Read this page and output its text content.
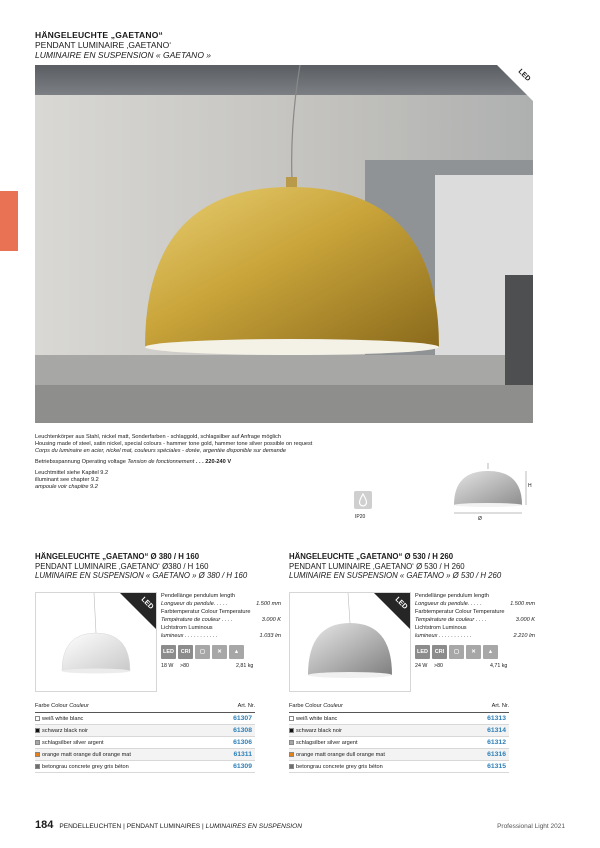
HÄNGELEUCHTE „GAETANO“
PENDANT LUMINAIRE ‚GAETANO‘
LUMINAIRE EN SUSPENSION « GAETANO »
LED
Leuchtenkörper aus Stahl, nickel matt, Sonderfarben - schlaggold, schlagsilber auf Anfrage möglich
Housing made of steel, satin nickel, special colours - hammer tone gold, hammer tone silver possible on request
Corps du luminaire en acier, nickel mat, couleurs spéciales - dorée, argentée disponible sur demande
Betriebsspannung Operating voltage Tension de fonctionnement . . . 220-240 V
Leuchtmittel siehe Kapitel 9.2
illuminant see chapter 9.2
ampoule voir chapitre 9.2
IP20
H
Ø
HÄNGELEUCHTE „GAETANO“ Ø 380 / H 160
PENDANT LUMINAIRE ‚GAETANO‘ Ø380 / H 160
LUMINAIRE EN SUSPENSION « GAETANO » Ø 380 / H 160
LED
Pendellänge pendulum length
Longueur du pendule. . . . .	1.500 mm
Farbtemperatur Colour Temperature
Température de couleur . . . .	3.000 K
Lichtstrom Luminous
lumineux . . . . . . . . . . .	1.033 lm
LED	CRI	▢	✕	▲
18 W	>80	2,81 kg
Farbe Colour Couleur	Art. Nr.
weiß white blanc	61307
schwarz black noir	61308
schlagsilber silver argent	61306
orange matt orange dull orange mat	61311
betongrau concrete grey gris béton	61309
HÄNGELEUCHTE „GAETANO“ Ø 530 / H 260
PENDANT LUMINAIRE ‚GAETANO‘ Ø 530 / H 260
LUMINAIRE EN SUSPENSION « GAETANO » Ø 530 / H 260
LED
Pendellänge pendulum length
Longueur du pendule. . . . .	1.500 mm
Farbtemperatur Colour Temperature
Température de couleur . . . .	3.000 K
Lichtstrom Luminous
lumineux . . . . . . . . . . .	2.210 lm
LED	CRI	▢	✕	▲
24 W	>80	4,71 kg
Farbe Colour Couleur	Art. Nr.
weiß white blanc	61313
schwarz black noir	61314
schlagsilber silver argent	61312
orange matt orange dull orange mat	61316
betongrau concrete grey gris béton	61315
184 PENDELLEUCHTEN | PENDANT LUMINAIRES | LUMINAIRES EN SUSPENSION	Professional Light 2021
